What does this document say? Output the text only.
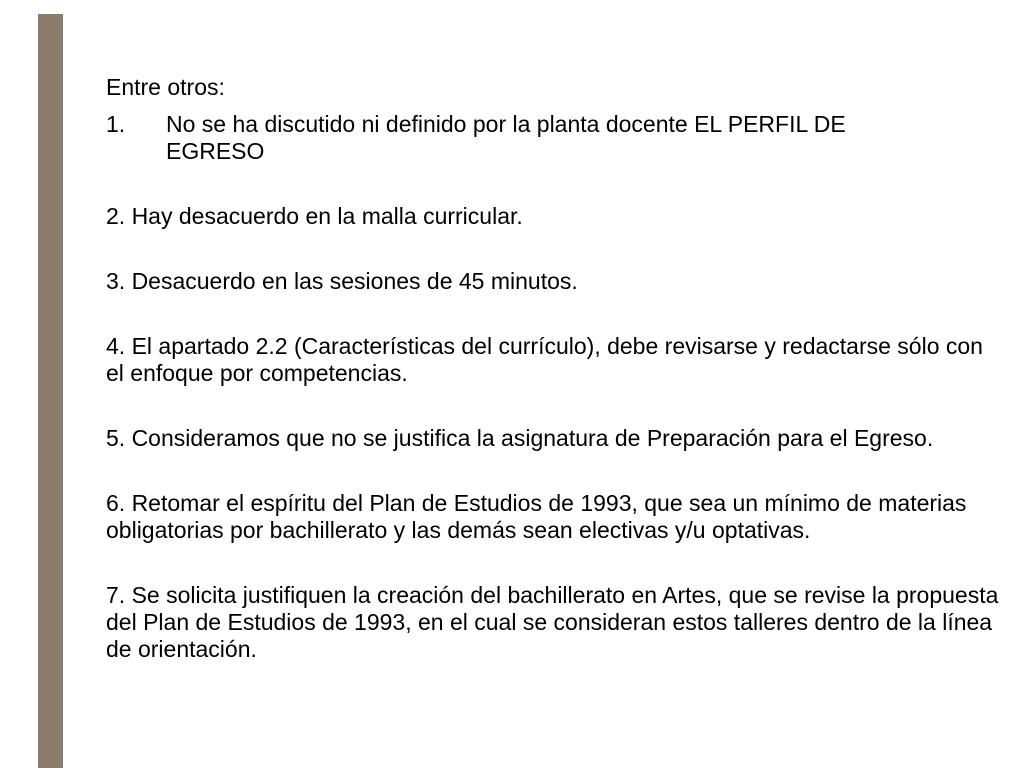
Entre otros:

1.	No se ha discutido ni definido por la planta docente EL PERFIL DE EGRESO

2. Hay desacuerdo en la malla curricular.

3. Desacuerdo en las sesiones de 45 minutos.

4. El apartado 2.2 (Características del currículo), debe revisarse y redactarse sólo con el enfoque por competencias.

5. Consideramos que no se justifica la asignatura de Preparación para el Egreso.

6. Retomar el espíritu del Plan de Estudios de 1993, que sea un mínimo de materias obligatorias por bachillerato y las demás sean electivas y/u optativas.

7. Se solicita justifiquen la creación del bachillerato en Artes, que se revise la propuesta del Plan de Estudios de 1993, en el cual se consideran estos talleres dentro de la línea de orientación.
